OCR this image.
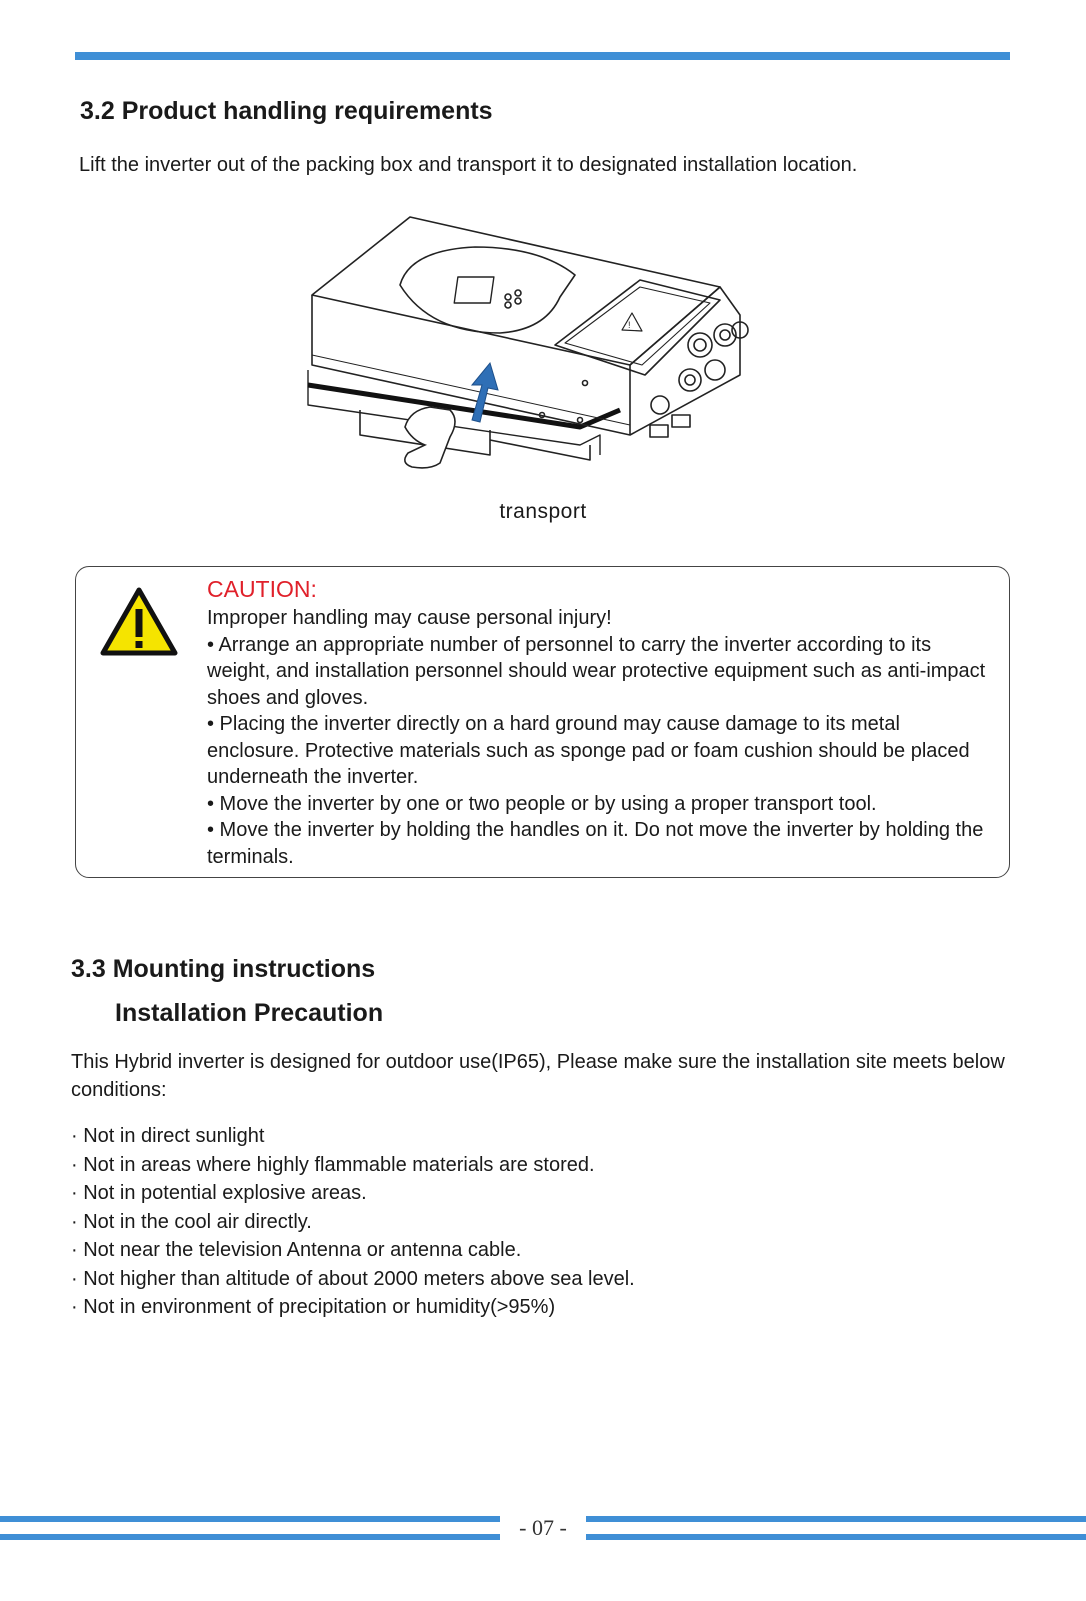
3.2 Product handling requirements
Lift the inverter out of the packing box and transport it to designated installation location.
!
transport
CAUTION:

Improper handling may cause personal injury!

• Arrange an appropriate number of personnel to carry the inverter according to its weight, and installation personnel should wear protective equipment such as anti-impact shoes and gloves.

• Placing the inverter directly on a hard ground may cause damage to its metal enclosure. Protective materials such as sponge pad or foam cushion should be placed underneath the inverter.

• Move the inverter by one or two people or by using a proper transport tool.

• Move the inverter by holding the handles on it. Do not move the inverter by holding the terminals.

3.3 Mounting instructions
Installation Precaution
This Hybrid inverter is designed for outdoor use(IP65), Please make sure the installation site meets below conditions:
· Not in direct sunlight
· Not in areas where highly flammable materials are stored.
· Not in potential explosive areas.
· Not in the cool air directly.
· Not near the television Antenna or antenna cable.
· Not higher than altitude of about 2000 meters above sea level.
· Not in environment of precipitation or humidity(>95%)
- 07 -
